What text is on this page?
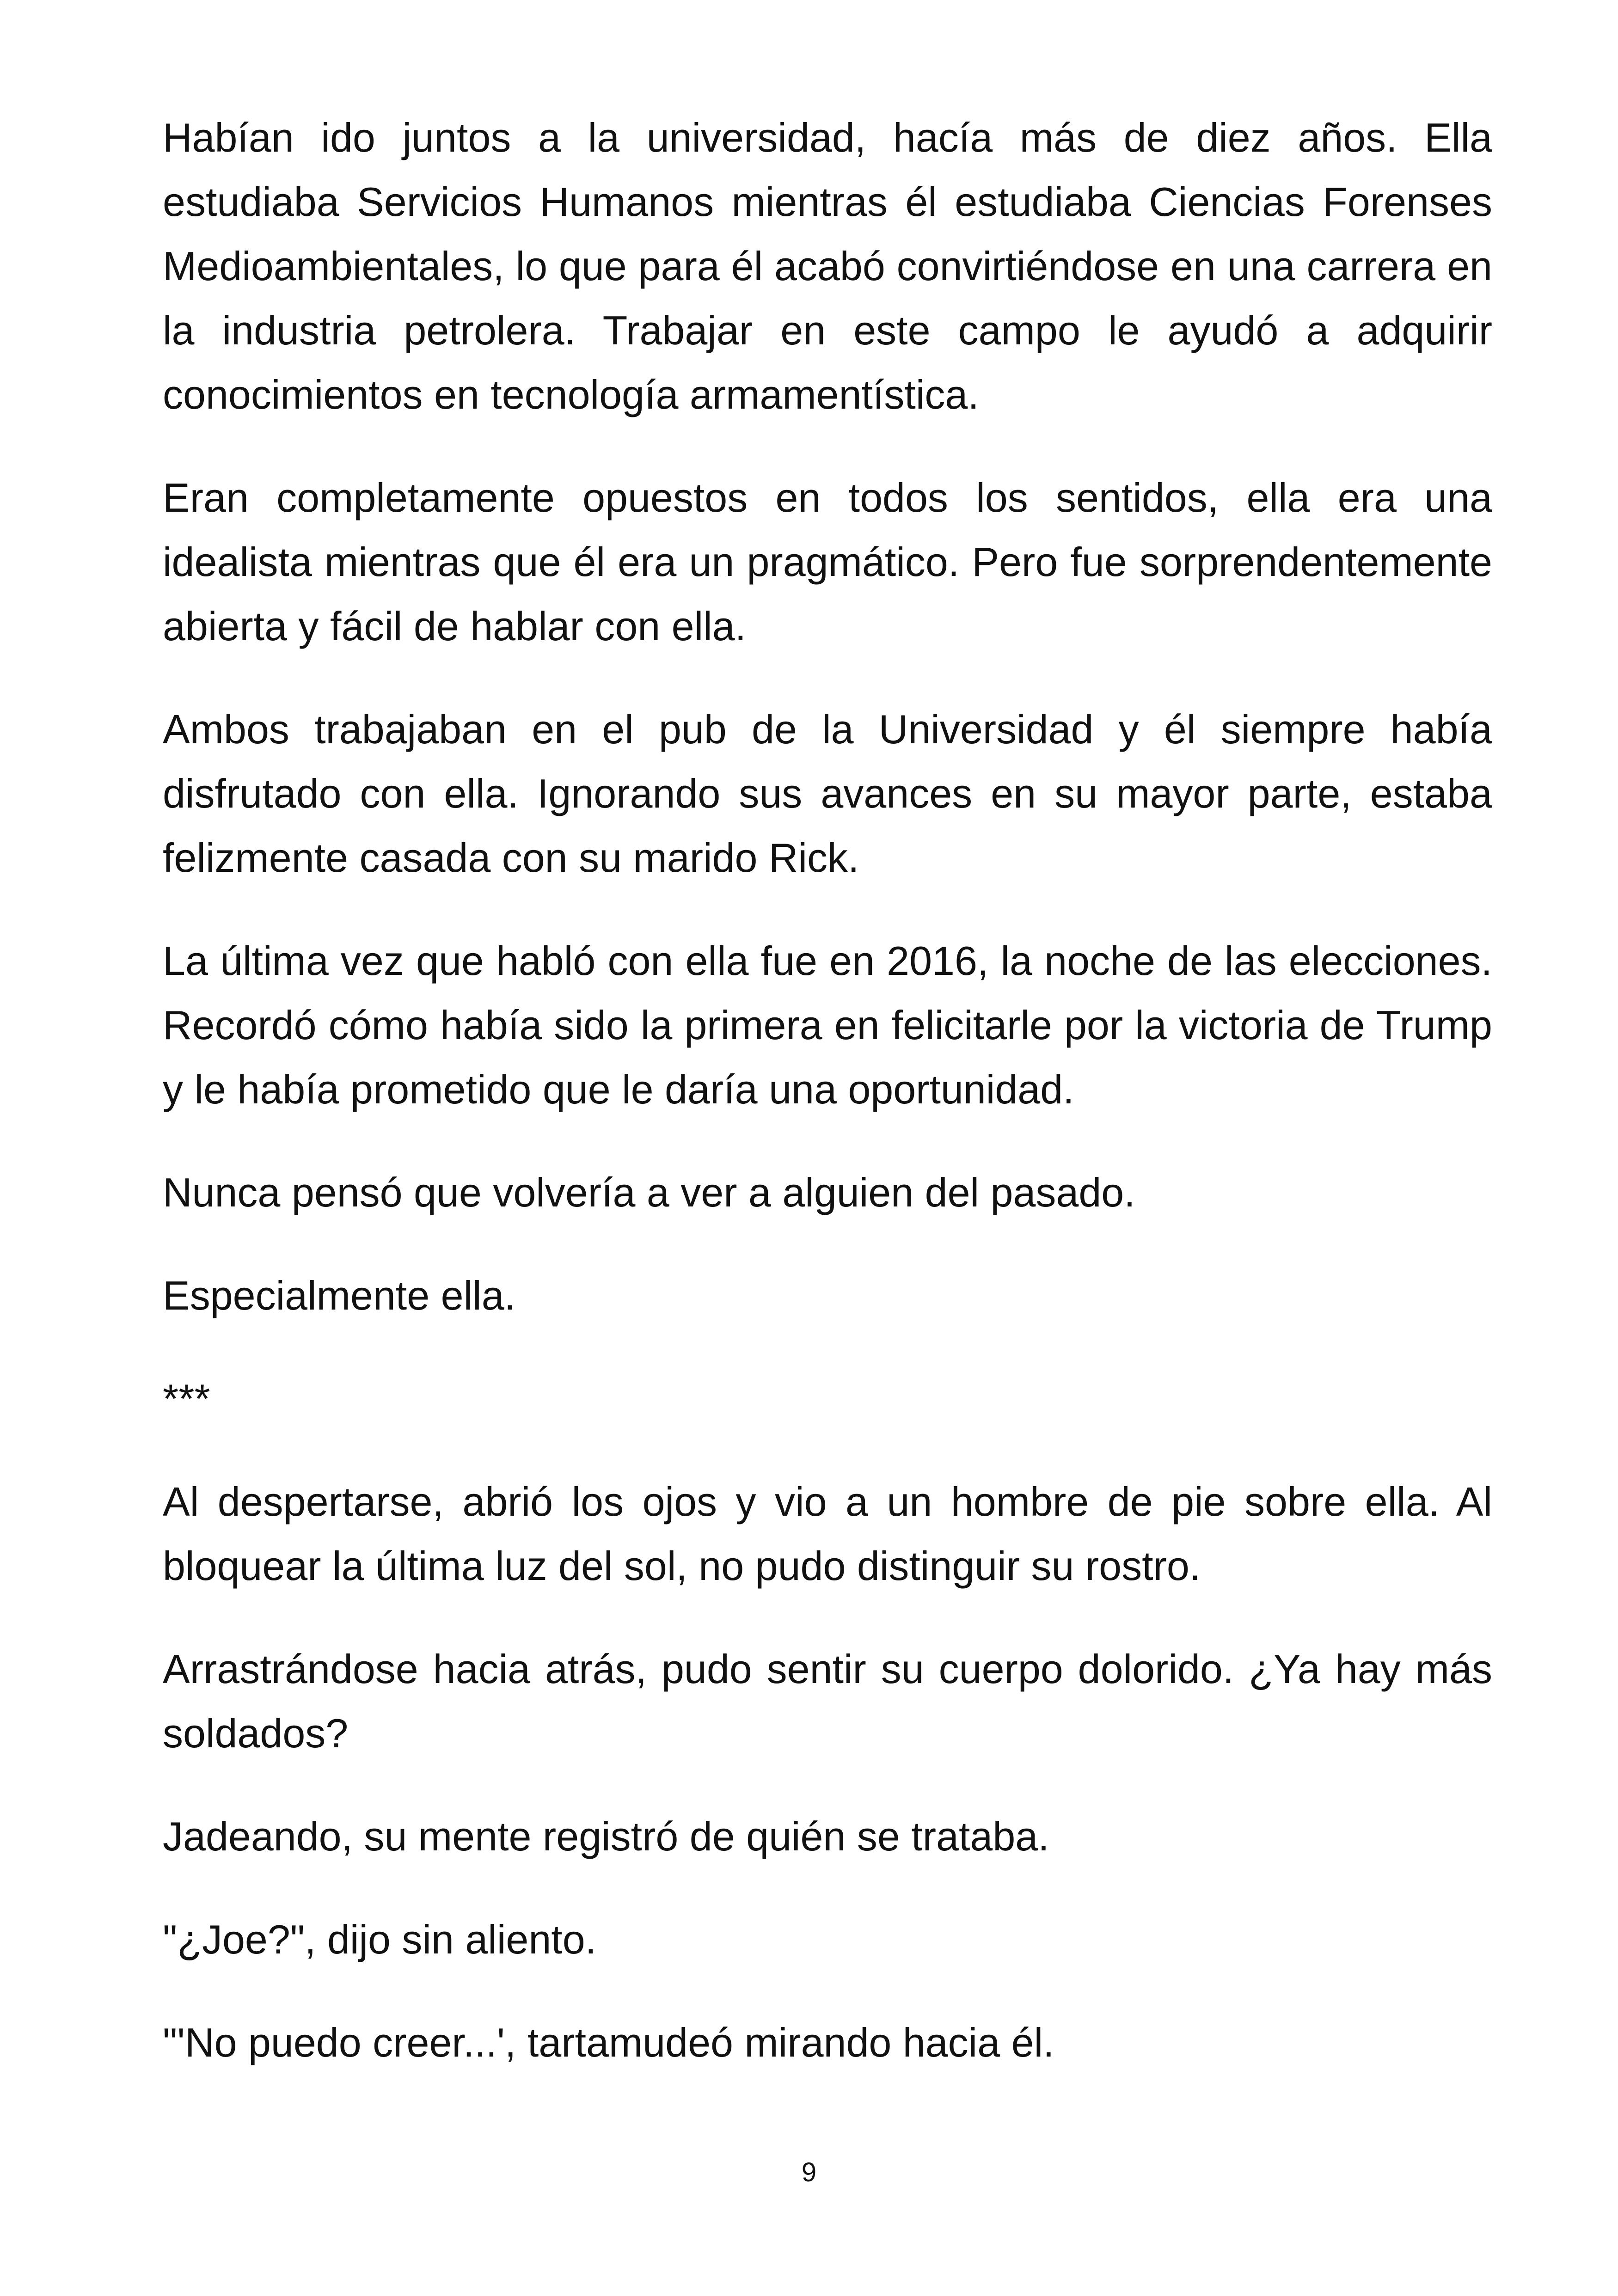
Habían ido juntos a la universidad, hacía más de diez años. Ella estudiaba Servicios Humanos mientras él estudiaba Ciencias Forenses Medioambientales, lo que para él acabó convirtiéndose en una carrera en la industria petrolera. Trabajar en este campo le ayudó a adquirir conocimientos en tecnología armamentística.

Eran completamente opuestos en todos los sentidos, ella era una idealista mientras que él era un pragmático. Pero fue sorprendentemente abierta y fácil de hablar con ella.

Ambos trabajaban en el pub de la Universidad y él siempre había disfrutado con ella. Ignorando sus avances en su mayor parte, estaba felizmente casada con su marido Rick.

La última vez que habló con ella fue en 2016, la noche de las elecciones. Recordó cómo había sido la primera en felicitarle por la victoria de Trump y le había prometido que le daría una oportunidad.

Nunca pensó que volvería a ver a alguien del pasado.

Especialmente ella.

***

Al despertarse, abrió los ojos y vio a un hombre de pie sobre ella. Al bloquear la última luz del sol, no pudo distinguir su rostro.

Arrastrándose hacia atrás, pudo sentir su cuerpo dolorido. ¿Ya hay más soldados?

Jadeando, su mente registró de quién se trataba.

"¿Joe?", dijo sin aliento.

"'No puedo creer...', tartamudeó mirando hacia él.

9
